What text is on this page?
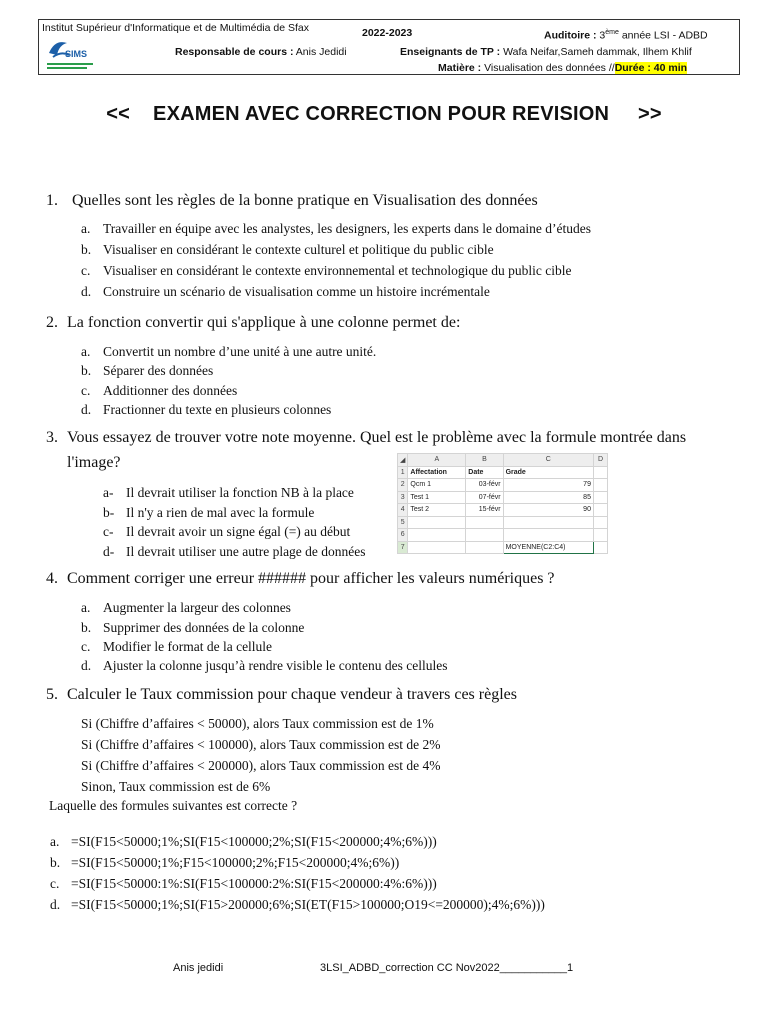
Institut Supérieur d'Informatique et de Multimédia de Sfax	2022-2023	Auditoire : 3ème année LSI - ADBD
SIMS	Responsable de cours : Anis Jedidi	Enseignants de TP : Wafa Neifar,Sameh dammak, Ilhem Khlif
Matière : Visualisation des données //Durée : 40 min
<< EXAMEN AVEC CORRECTION POUR REVISION >>
1. Quelles sont les règles de la bonne pratique en Visualisation des données
a. Travailler en équipe avec les analystes, les designers, les experts dans le domaine d’études
b. Visualiser en considérant le contexte culturel et politique du public cible
c. Visualiser en considérant le contexte environnemental et technologique du public cible
d. Construire un scénario de visualisation comme un histoire incrémentale
2. La fonction convertir qui s'applique à une colonne permet de:
a. Convertit un nombre d’une unité à une autre unité.
b. Séparer des données
c. Additionner des données
d. Fractionner du texte en plusieurs colonnes
3. Vous essayez de trouver votre note moyenne. Quel est le problème avec la formule montrée dans
l'image?
a- Il devrait utiliser la fonction NB à la place
b- Il n'y a rien de mal avec la formule
c- Il devrait avoir un signe égal (=) au début
d- Il devrait utiliser une autre plage de données
◢	A	B	C	D
1	Affectation	Date	Grade	
2	Qcm 1	03-févr	79	
3	Test 1	07-févr	85	
4	Test 2	15-févr	90	
5				
6				
7			MOYENNE(C2:C4)	
4. Comment corriger une erreur ###### pour afficher les valeurs numériques ?
a. Augmenter la largeur des colonnes
b. Supprimer des données de la colonne
c. Modifier le format de la cellule
d. Ajuster la colonne jusqu’à rendre visible le contenu des cellules
5. Calculer le Taux commission pour chaque vendeur à travers ces règles
Si (Chiffre d’affaires < 50000), alors Taux commission est de 1%
Si (Chiffre d’affaires < 100000), alors Taux commission est de 2%
Si (Chiffre d’affaires < 200000), alors Taux commission est de 4%
Sinon, Taux commission est de 6%
Laquelle des formules suivantes est correcte ?
a. =SI(F15<50000;1%;SI(F15<100000;2%;SI(F15<200000;4%;6%)))
b. =SI(F15<50000;1%;F15<100000;2%;F15<200000;4%;6%))
c. =SI(F15<50000:1%:SI(F15<100000:2%:SI(F15<200000:4%:6%)))
d. =SI(F15<50000;1%;SI(F15>200000;6%;SI(ET(F15>100000;O19<=200000);4%;6%)))
Anis jedidi	3LSI_ADBD_correction CC Nov2022___________1
